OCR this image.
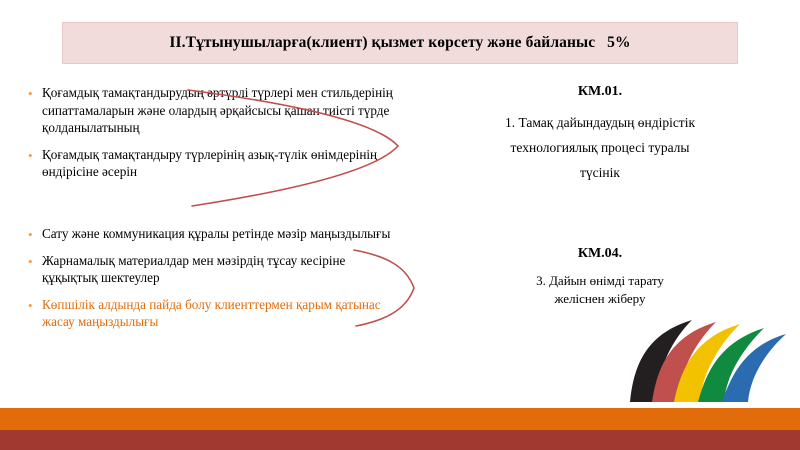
II.Тұтынушыларға(клиент) қызмет көрсету және байланыс   5%
• Қоғамдық тамақтандырудың әртүрлі түрлері мен стильдерінің сипаттамаларын және олардың әрқайсысы қашан тиісті түрде қолданылатының
• Қоғамдық тамақтандыру түрлерінің азық-түлік өнімдерінің өндірісіне әсерін
• Сату және коммуникация құралы ретінде мәзір маңыздылығы
• Жарнамалық материалдар мен мәзірдің тұсау кесіріне құқықтық шектеулер
• Көпшілік алдында пайда болу клиенттермен қарым қатынас жасау маңыздылығы
КМ.01.
1. Тамақ дайындаудың өндірістік
технологиялық процесі туралы
түсінік
КМ.04.
3. Дайын өнімді тарату
желіснен жіберу
